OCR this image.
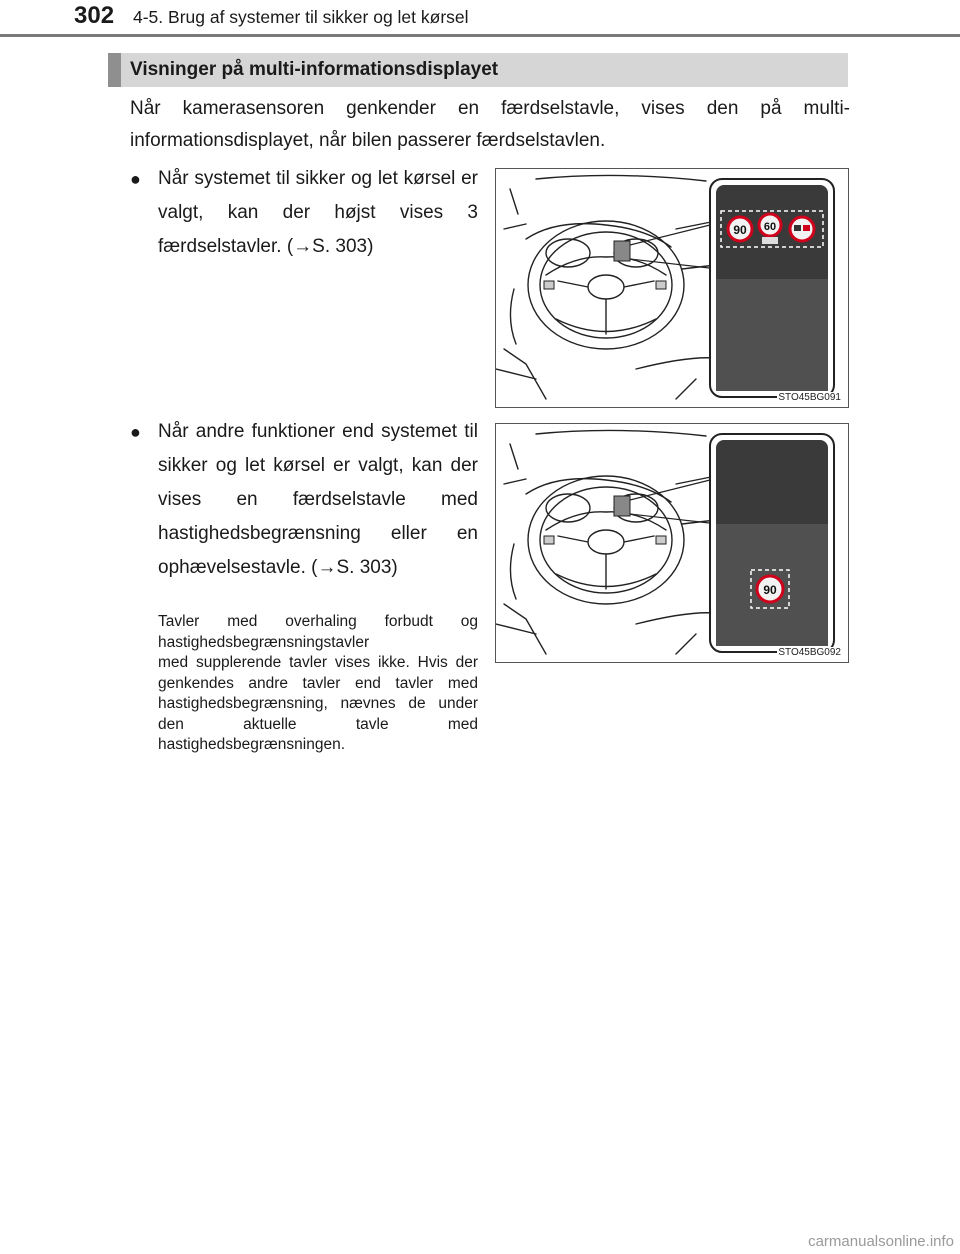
302 4-5. Brug af systemer til sikker og let kørsel
Visninger på multi-informationsdisplayet

Når kamerasensoren genkender en færdselstavle, vises den på multi-informationsdisplayet, når bilen passerer færdselstavlen.

● Når systemet til sikker og let kørsel er valgt, kan der højst vises 3 færdselstavler. (→S. 303)
● Når andre funktioner end systemet til sikker og let kørsel er valgt, kan der vises en færdselstavle med hastighedsbegrænsning eller en ophævelsestavle. (→S. 303)
Tavler med overhaling forbudt og hastighedsbegrænsningstavler
med supplerende tavler vises ikke. Hvis der genkendes andre tavler end tavler med hastighedsbegrænsning, nævnes de under den aktuelle tavle med hastighedsbegrænsningen.
90 60
STO45BG091
90
STO45BG092
carmanualsonline.info
